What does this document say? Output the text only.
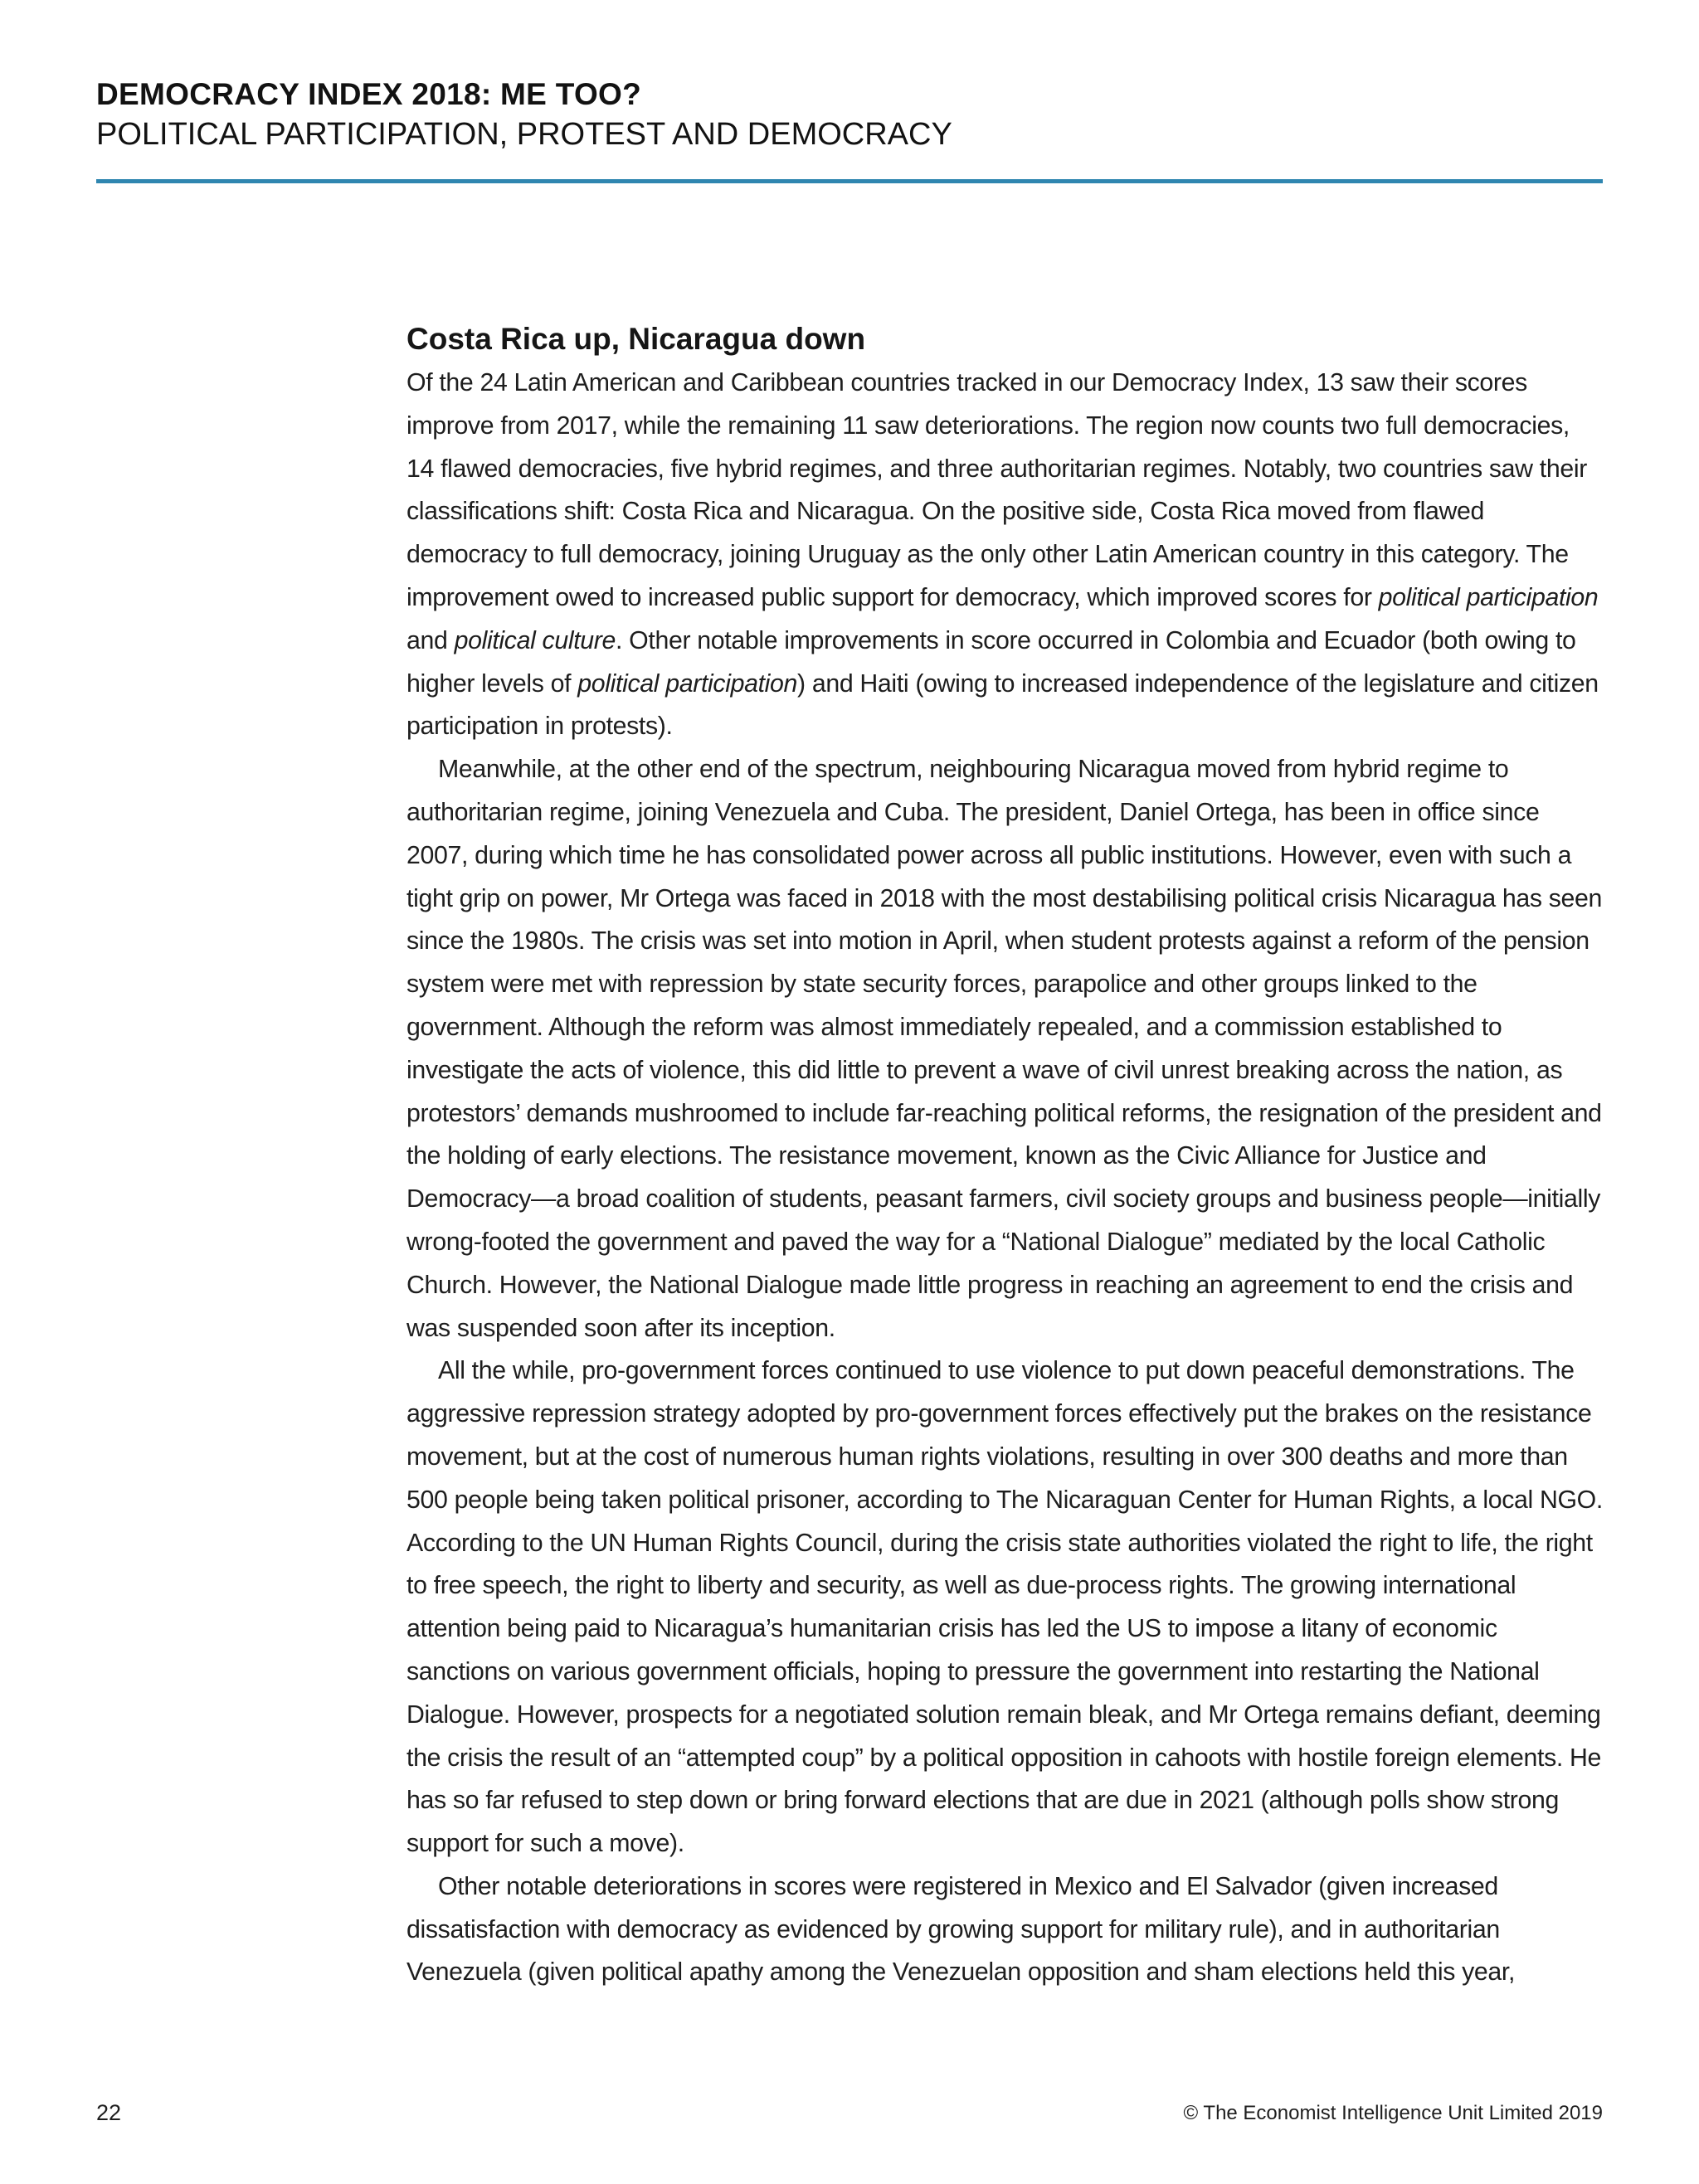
DEMOCRACY INDEX 2018: ME TOO?
POLITICAL PARTICIPATION, PROTEST AND DEMOCRACY
Costa Rica up, Nicaragua down

Of the 24 Latin American and Caribbean countries tracked in our Democracy Index, 13 saw their scores improve from 2017, while the remaining 11 saw deteriorations. The region now counts two full democracies, 14 flawed democracies, five hybrid regimes, and three authoritarian regimes. Notably, two countries saw their classifications shift: Costa Rica and Nicaragua. On the positive side, Costa Rica moved from flawed democracy to full democracy, joining Uruguay as the only other Latin American country in this category. The improvement owed to increased public support for democracy, which improved scores for political participation and political culture. Other notable improvements in score occurred in Colombia and Ecuador (both owing to higher levels of political participation) and Haiti (owing to increased independence of the legislature and citizen participation in protests).

Meanwhile, at the other end of the spectrum, neighbouring Nicaragua moved from hybrid regime to authoritarian regime, joining Venezuela and Cuba. The president, Daniel Ortega, has been in office since 2007, during which time he has consolidated power across all public institutions. However, even with such a tight grip on power, Mr Ortega was faced in 2018 with the most destabilising political crisis Nicaragua has seen since the 1980s. The crisis was set into motion in April, when student protests against a reform of the pension system were met with repression by state security forces, parapolice and other groups linked to the government. Although the reform was almost immediately repealed, and a commission established to investigate the acts of violence, this did little to prevent a wave of civil unrest breaking across the nation, as protestors’ demands mushroomed to include far-reaching political reforms, the resignation of the president and the holding of early elections. The resistance movement, known as the Civic Alliance for Justice and Democracy—a broad coalition of students, peasant farmers, civil society groups and business people—initially wrong-footed the government and paved the way for a “National Dialogue” mediated by the local Catholic Church. However, the National Dialogue made little progress in reaching an agreement to end the crisis and was suspended soon after its inception.

All the while, pro-government forces continued to use violence to put down peaceful demonstrations. The aggressive repression strategy adopted by pro-government forces effectively put the brakes on the resistance movement, but at the cost of numerous human rights violations, resulting in over 300 deaths and more than 500 people being taken political prisoner, according to The Nicaraguan Center for Human Rights, a local NGO. According to the UN Human Rights Council, during the crisis state authorities violated the right to life, the right to free speech, the right to liberty and security, as well as due-process rights. The growing international attention being paid to Nicaragua’s humanitarian crisis has led the US to impose a litany of economic sanctions on various government officials, hoping to pressure the government into restarting the National Dialogue. However, prospects for a negotiated solution remain bleak, and Mr Ortega remains defiant, deeming the crisis the result of an “attempted coup” by a political opposition in cahoots with hostile foreign elements. He has so far refused to step down or bring forward elections that are due in 2021 (although polls show strong support for such a move).

Other notable deteriorations in scores were registered in Mexico and El Salvador (given increased dissatisfaction with democracy as evidenced by growing support for military rule), and in authoritarian Venezuela (given political apathy among the Venezuelan opposition and sham elections held this year,

22	© The Economist Intelligence Unit Limited 2019
